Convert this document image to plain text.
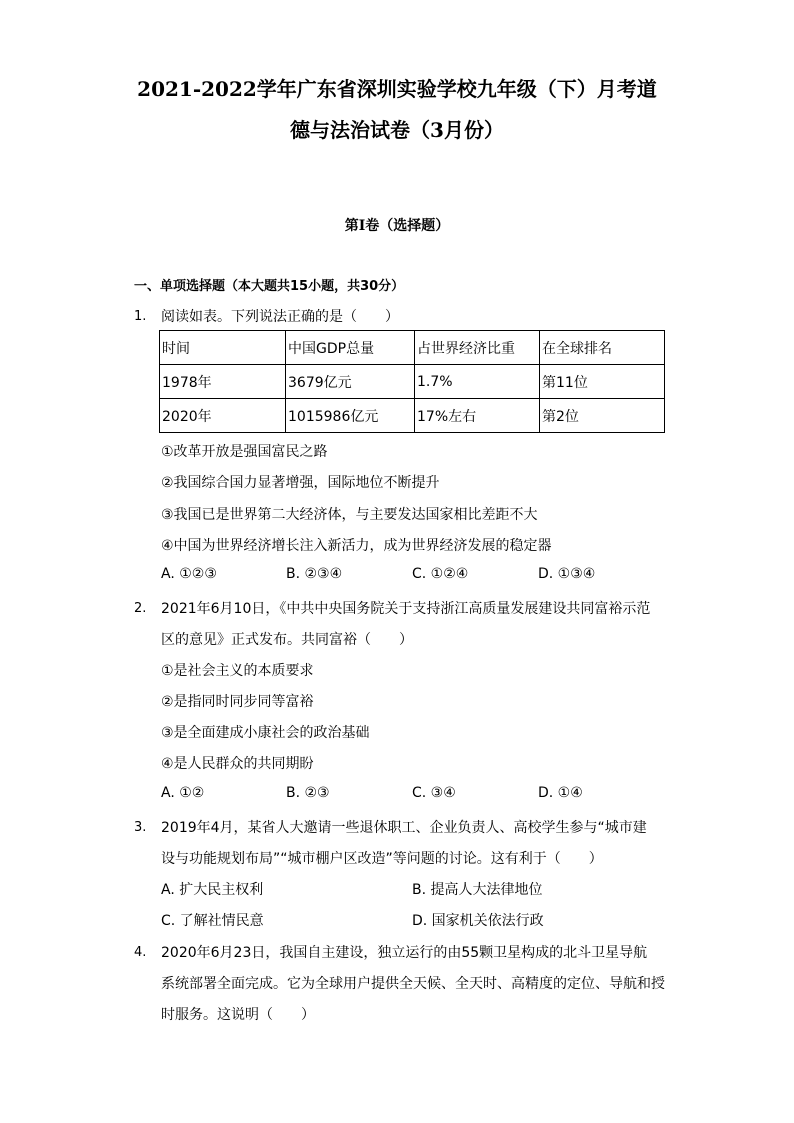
2021-2022学年广东省深圳实验学校九年级（下）月考道
德与法治试卷（3月份）
第Ⅰ卷（选择题）
一、单项选择题（本大题共15小题，共30分）
1. 阅读如表。下列说法正确的是（　　）
时间	中国GDP总量	占世界经济比重	在全球排名
1978年	3679亿元	1.7%	第11位
2020年	1015986亿元	17%左右	第2位
①改革开放是强国富民之路
②我国综合国力显著增强，国际地位不断提升
③我国已是世界第二大经济体，与主要发达国家相比差距不大
④中国为世界经济增长注入新活力，成为世界经济发展的稳定器
A. ①②③	B. ②③④	C. ①②④	D. ①③④
2. 2021年6月10日，《中共中央国务院关于支持浙江高质量发展建设共同富裕示范
区的意见》正式发布。共同富裕（　　）
①是社会主义的本质要求
②是指同时同步同等富裕
③是全面建成小康社会的政治基础
④是人民群众的共同期盼
A. ①②	B. ②③	C. ③④	D. ①④
3. 2019年4月，某省人大邀请一些退休职工、企业负责人、高校学生参与“城市建
设与功能规划布局”“城市棚户区改造”等问题的讨论。这有利于（　　）
A. 扩大民主权利	B. 提高人大法律地位
C. 了解社情民意	D. 国家机关依法行政
4. 2020年6月23日，我国自主建设，独立运行的由55颗卫星构成的北斗卫星导航
系统部署全面完成。它为全球用户提供全天候、全天时、高精度的定位、导航和授
时服务。这说明（　　）
